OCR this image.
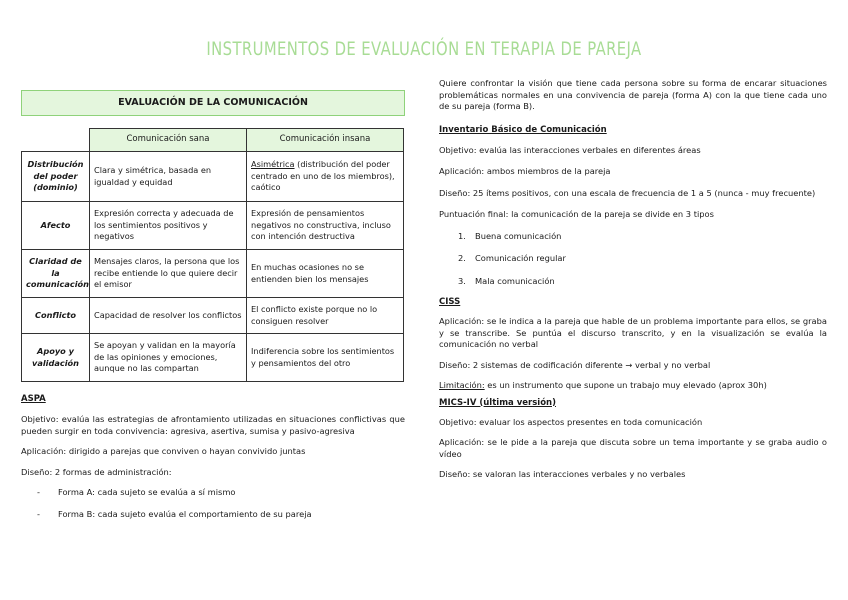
INSTRUMENTOS DE EVALUACIÓN EN TERAPIA DE PAREJA
EVALUACIÓN DE LA COMUNICACIÓN
	Comunicación sana	Comunicación insana
Distribución del poder (dominio)	Clara y simétrica, basada en igualdad y equidad	Asimétrica (distribución del poder centrado en uno de los miembros), caótico
Afecto	Expresión correcta y adecuada de los sentimientos positivos y negativos	Expresión de pensamientos negativos no constructiva, incluso con intención destructiva
Claridad de la comunicación	Mensajes claros, la persona que los recibe entiende lo que quiere decir el emisor	En muchas ocasiones no se entienden bien los mensajes
Conflicto	Capacidad de resolver los conflictos	El conflicto existe porque no lo consiguen resolver
Apoyo y validación	Se apoyan y validan en la mayoría de las opiniones y emociones, aunque no las compartan	Indiferencia sobre los sentimientos y pensamientos del otro
ASPA

Objetivo: evalúa las estrategias de afrontamiento utilizadas en situaciones conflictivas que pueden surgir en toda convivencia: agresiva, asertiva, sumisa y pasivo-agresiva

Aplicación: dirigido a parejas que conviven o hayan convivido juntas

Diseño: 2 formas de administración:

- Forma A: cada sujeto se evalúa a sí mismo
- Forma B: cada sujeto evalúa el comportamiento de su pareja

Quiere confrontar la visión que tiene cada persona sobre su forma de encarar situaciones problemáticas normales en una convivencia de pareja (forma A) con la que tiene cada uno de su pareja (forma B).

Inventario Básico de Comunicación

Objetivo: evalúa las interacciones verbales en diferentes áreas

Aplicación: ambos miembros de la pareja

Diseño: 25 ítems positivos, con una escala de frecuencia de 1 a 5 (nunca - muy frecuente)

Puntuación final: la comunicación de la pareja se divide en 3 tipos

1. Buena comunicación
2. Comunicación regular
3. Mala comunicación
CISS

Aplicación: se le indica a la pareja que hable de un problema importante para ellos, se graba y se transcribe. Se puntúa el discurso transcrito, y en la visualización se evalúa la comunicación no verbal

Diseño: 2 sistemas de codificación diferente → verbal y no verbal

Limitación: es un instrumento que supone un trabajo muy elevado (aprox 30h)

MICS-IV (última versión)

Objetivo: evaluar los aspectos presentes en toda comunicación

Aplicación: se le pide a la pareja que discuta sobre un tema importante y se graba audio o vídeo

Diseño: se valoran las interacciones verbales y no verbales
